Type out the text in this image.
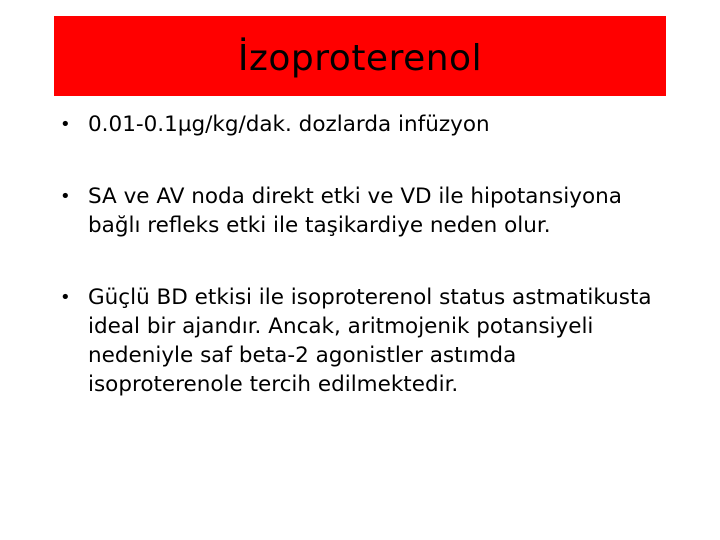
İzoproterenol
• 0.01-0.1µg/kg/dak. dozlarda infüzyon
• SA ve AV noda direkt etki ve VD ile hipotansiyona bağlı refleks etki ile taşikardiye neden olur.
• Güçlü BD etkisi ile isoproterenol status astmatikusta ideal bir ajandır. Ancak, aritmojenik potansiyeli nedeniyle saf beta-2 agonistler astımda isoproterenole tercih edilmektedir.
